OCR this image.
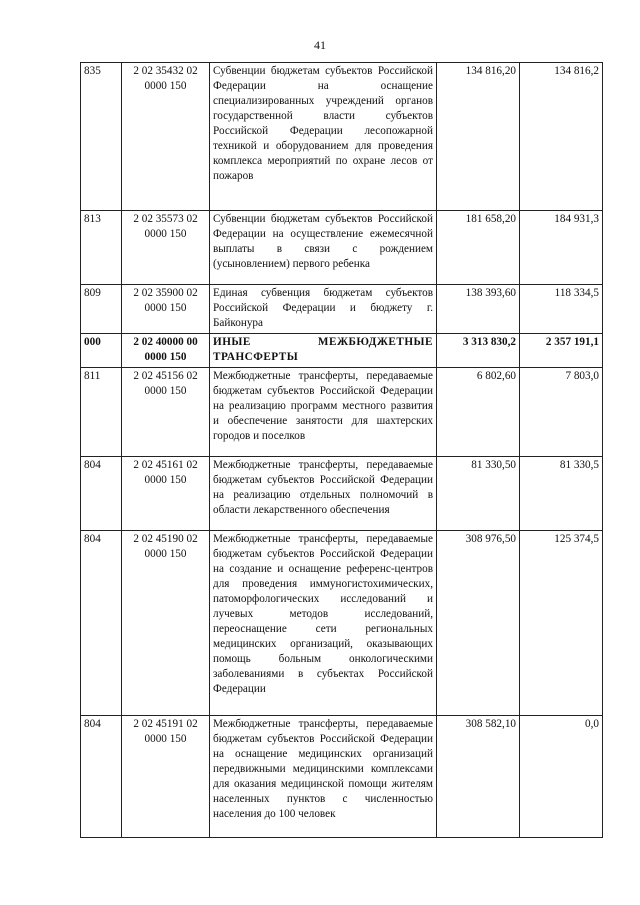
41
835	2 02 35432 02 0000 150	Субвенции бюджетам субъектов Российской Федерации на оснащение специализированных учреждений органов государственной власти субъектов Российской Федерации лесопожарной техникой и оборудованием для проведения комплекса мероприятий по охране лесов от пожаров	134 816,20	134 816,2
813	2 02 35573 02 0000 150	Субвенции бюджетам субъектов Российской Федерации на осуществление ежемесячной выплаты в связи с рождением (усыновлением) первого ребенка	181 658,20	184 931,3
809	2 02 35900 02 0000 150	Единая субвенция бюджетам субъектов Российской Федерации и бюджету г. Байконура	138 393,60	118 334,5
000	2 02 40000 00 0000 150	ИНЫЕ МЕЖБЮДЖЕТНЫЕ ТРАНСФЕРТЫ	3 313 830,2	2 357 191,1
811	2 02 45156 02 0000 150	Межбюджетные трансферты, передаваемые бюджетам субъектов Российской Федерации на реализацию программ местного развития и обеспечение занятости для шахтерских городов и поселков	6 802,60	7 803,0
804	2 02 45161 02 0000 150	Межбюджетные трансферты, передаваемые бюджетам субъектов Российской Федерации на реализацию отдельных полномочий в области лекарственного обеспечения	81 330,50	81 330,5
804	2 02 45190 02 0000 150	Межбюджетные трансферты, передаваемые бюджетам субъектов Российской Федерации на создание и оснащение референс-центров для проведения иммуногистохимических, патоморфологических исследований и лучевых методов исследований, переоснащение сети региональных медицинских организаций, оказывающих помощь больным онкологическими заболеваниями в субъектах Российской Федерации	308 976,50	125 374,5
804	2 02 45191 02 0000 150	Межбюджетные трансферты, передаваемые бюджетам субъектов Российской Федерации на оснащение медицинских организаций передвижными медицинскими комплексами для оказания медицинской помощи жителям населенных пунктов с численностью населения до 100 человек	308 582,10	0,0
